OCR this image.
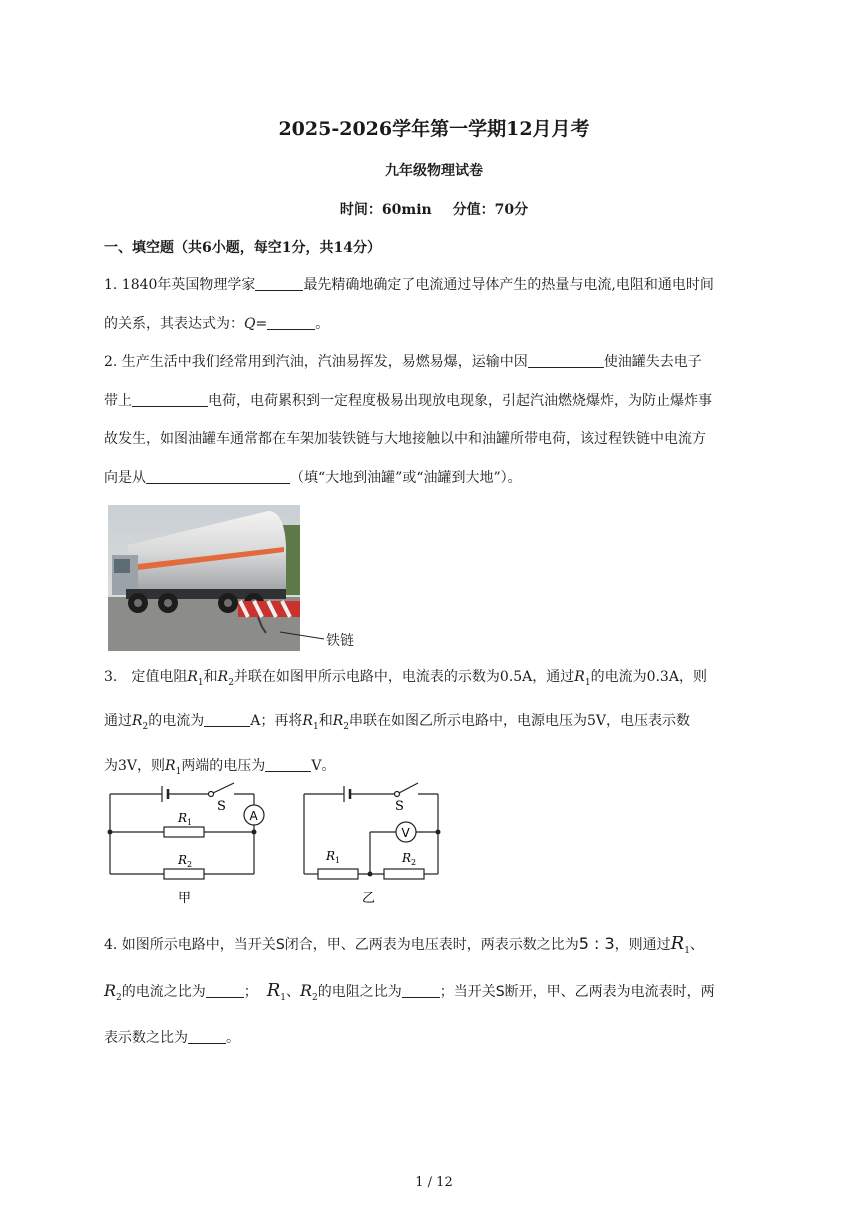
2025-2026学年第一学期12月月考
九年级物理试卷
时间：60min 分值：70分
一、填空题（共6小题，每空1分，共14分）
1. 1840年英国物理学家	最先精确地确定了电流通过导体产生的热量与电流,电阻和通电时间
的关系，其表达式为：Q=	。
2. 生产生活中我们经常用到汽油，汽油易挥发，易燃易爆，运输中因	使油罐失去电子
带上	电荷，电荷累积到一定程度极易出现放电现象，引起汽油燃烧爆炸，为防止爆炸事
故发生，如图油罐车通常都在车架加装铁链与大地接触以中和油罐所带电荷，该过程铁链中电流方
向是从	（填“大地到油罐”或“油罐到大地”）。
铁链
3.　定值电阻$R_1$和$R_2$并联在如图甲所示电路中，电流表的示数为0.5A，通过$R_1$的电流为0.3A，则
通过$R_2$的电流为	A；再将$R_1$和$R_2$串联在如图乙所示电路中，电源电压为5V，电压表示数
为3V，则$R_1$两端的电压为	V。
S
A
R 1
R 2
甲
S
V
R 1	R 2
乙
4. 如图所示电路中，当开关S闭合，甲、乙两表为电压表时，两表示数之比为5 : 3，则通过$R_1$、
$R_2$的电流之比为	； $R_1$、$R_2$的电阻之比为	；当开关S断开，甲、乙两表为电流表时，两
表示数之比为	。
1 / 12
